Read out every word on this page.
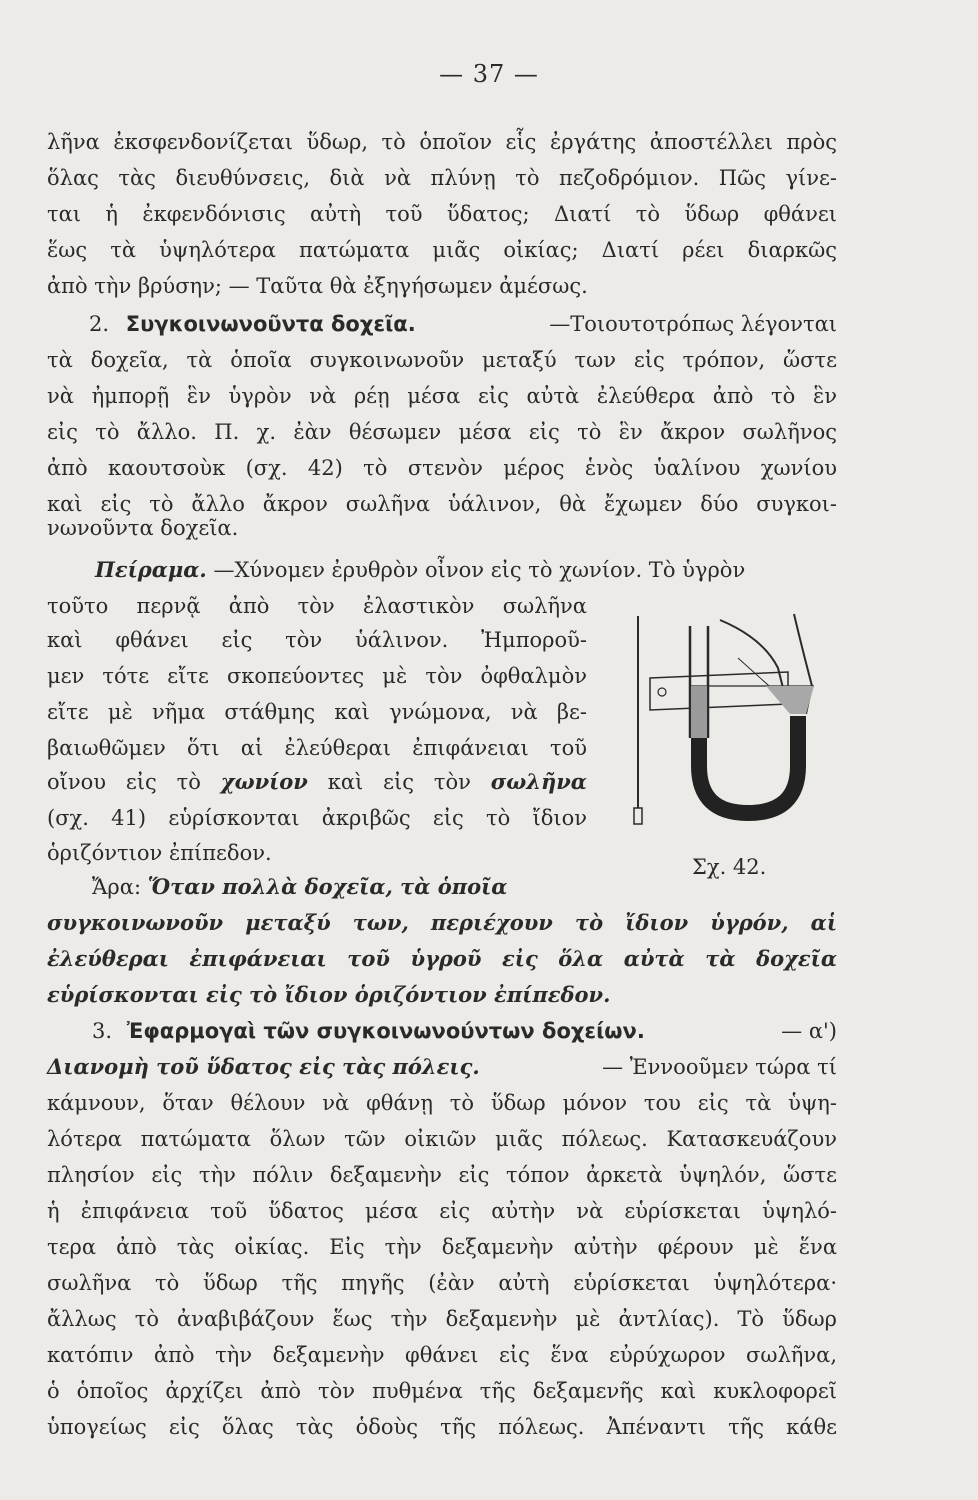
— 37 —
λῆνα ἐκσφενδονίζεται ὕδωρ, τὸ ὁποῖον εἷς ἐργάτης ἀποστέλλει πρὸς
ὅλας τὰς διευθύνσεις, διὰ νὰ πλύνῃ τὸ πεζοδρόμιον. Πῶς γίνε-
ται ἡ ἐκφενδόνισις αὐτὴ τοῦ ὕδατος; Διατί τὸ ὕδωρ φθάνει
ἕως τὰ ὑψηλότερα πατώματα μιᾶς οἰκίας; Διατί ρέει διαρκῶς
ἀπὸ τὴν βρύσην; — Ταῦτα θὰ ἐξηγήσωμεν ἀμέσως.
2. Συγκοινωνοῦντα δοχεῖα.	—Τοιουτοτρόπως λέγονται
τὰ δοχεῖα, τὰ ὁποῖα συγκοινωνοῦν μεταξύ των εἰς τρόπον, ὥστε
νὰ ἠμπορῇ ἓν ὑγρὸν νὰ ρέῃ μέσα εἰς αὐτὰ ἐλεύθερα ἀπὸ τὸ ἓν
εἰς τὸ ἄλλο. Π. χ. ἐὰν θέσωμεν μέσα εἰς τὸ ἓν ἄκρον σωλῆνος
ἀπὸ καουτσοὺκ (σχ. 42) τὸ στενὸν μέρος ἑνὸς ὑαλίνου χωνίου
καὶ εἰς τὸ ἄλλο ἄκρον σωλῆνα ὑάλινον, θὰ ἔχωμεν δύο συγκοι-
νωνοῦντα δοχεῖα.
Πείραμα. —Χύνομεν ἐρυθρὸν οἶνον εἰς τὸ χωνίον. Τὸ ὑγρὸν
τοῦτο περνᾷ ἀπὸ τὸν ἐλαστικὸν σωλῆνα
καὶ φθάνει εἰς τὸν ὑάλινον. Ἠμποροῦ-
μεν τότε εἴτε σκοπεύοντες μὲ τὸν ὀφθαλμὸν
εἴτε μὲ νῆμα στάθμης καὶ γνώμονα, νὰ βε-
βαιωθῶμεν ὅτι αἱ ἐλεύθεραι ἐπιφάνειαι τοῦ
οἴνου εἰς τὸ χωνίον καὶ εἰς τὸν σωλῆνα
(σχ. 41) εὑρίσκονται ἀκριβῶς εἰς τὸ ἴδιον
ὁριζόντιον ἐπίπεδον.
Σχ. 42.
Ἄρα: Ὅταν πολλὰ δοχεῖα, τὰ ὁποῖα
συγκοινωνοῦν μεταξύ των, περιέχουν τὸ ἴδιον ὑγρόν, αἱ
ἐλεύθεραι ἐπιφάνειαι τοῦ ὑγροῦ εἰς ὅλα αὐτὰ τὰ δοχεῖα
εὑρίσκονται εἰς τὸ ἴδιον ὁριζόντιον ἐπίπεδον.
3. Ἐφαρμογαὶ τῶν συγκοινωνούντων δοχείων.	— α')
Διανομὴ τοῦ ὕδατος εἰς τὰς πόλεις.	— Ἐννοοῦμεν τώρα τί
κάμνουν, ὅταν θέλουν νὰ φθάνῃ τὸ ὕδωρ μόνον του εἰς τὰ ὑψη-
λότερα πατώματα ὅλων τῶν οἰκιῶν μιᾶς πόλεως. Κατασκευάζουν
πλησίον εἰς τὴν πόλιν δεξαμενὴν εἰς τόπον ἀρκετὰ ὑψηλόν, ὥστε
ἡ ἐπιφάνεια τοῦ ὕδατος μέσα εἰς αὐτὴν νὰ εὑρίσκεται ὑψηλό-
τερα ἀπὸ τὰς οἰκίας. Εἰς τὴν δεξαμενὴν αὐτὴν φέρουν μὲ ἕνα
σωλῆνα τὸ ὕδωρ τῆς πηγῆς (ἐὰν αὐτὴ εὑρίσκεται ὑψηλότερα·
ἄλλως τὸ ἀναβιβάζουν ἕως τὴν δεξαμενὴν μὲ ἀντλίας). Τὸ ὕδωρ
κατόπιν ἀπὸ τὴν δεξαμενὴν φθάνει εἰς ἕνα εὐρύχωρον σωλῆνα,
ὁ ὁποῖος ἀρχίζει ἀπὸ τὸν πυθμένα τῆς δεξαμενῆς καὶ κυκλοφορεῖ
ὑπογείως εἰς ὅλας τὰς ὁδοὺς τῆς πόλεως. Ἀπέναντι τῆς κάθε
